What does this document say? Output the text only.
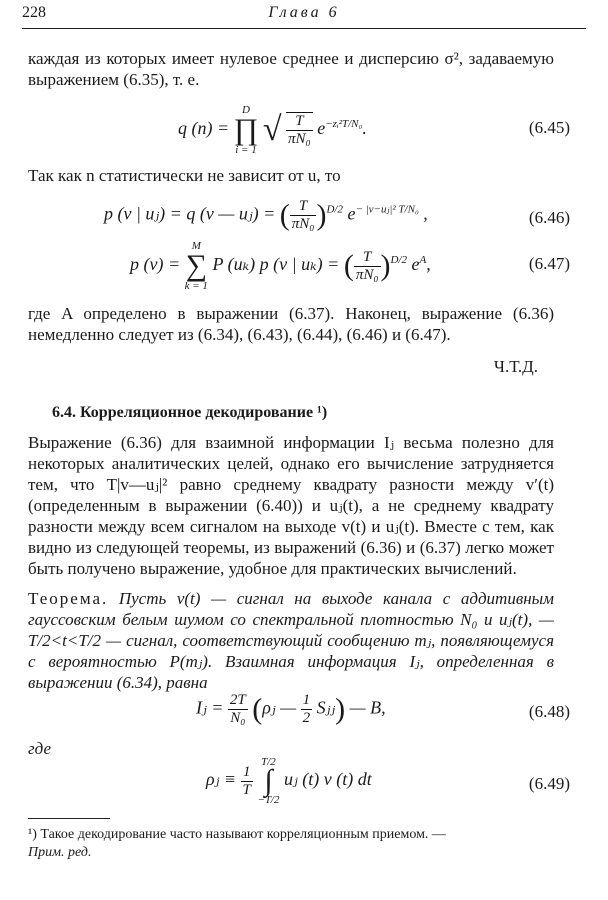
228	Глава 6

каждая из которых имеет нулевое среднее и дисперсию σ², задаваемую выражением (6.35), т. е.

q (n) =
D
∏
i = 1
√ $\frac{T}{\text{πN₀}} e^{-zᵢ^2T/N_0}$.	(6.45)

Так как n статистически не зависит от u, то

p (v | uⱼ) = q (v — uⱼ) = ( $\frac{T}{\text{πN₀}} )^{D/2}$ $e^{- |v-uⱼ|^2 T/N_0}$ ,	(6.46)
p (v) =
M
∑
k = 1
P (uₖ) p (v | uₖ) = ( $\frac{T}{\text{πN₀}} )^{D/2}$ $e^A$,	(6.47)

где A определено в выражении (6.37). Наконец, выражение (6.36) немедленно следует из (6.34), (6.43), (6.44), (6.46) и (6.47).

Ч.Т.Д.
6.4. Корреляционное декодирование ¹)

Выражение (6.36) для взаимной информации Iⱼ весьма полезно для некоторых аналитических целей, однако его вычисление затрудняется тем, что T|v—uⱼ|² равно среднему квадрату разности между v′(t) (определенным в выражении (6.40)) и uⱼ(t), а не среднему квадрату разности между всем сигналом на выходе v(t) и uⱼ(t). Вместе с тем, как видно из следующей теоремы, из выражений (6.36) и (6.37) легко может быть получено выражение, удобное для практических вычислений.

Теорема. Пусть v(t) — сигнал на выходе канала с аддитивным гауссовским белым шумом со спектральной плотностью N₀ и uⱼ(t), — T/2<t<T/2 — сигнал, соответствующий сообщению mⱼ, появляющемуся с вероятностью P(mⱼ). Взаимная информация Iⱼ, определенная в выражении (6.34), равна

Iⱼ = $\frac{2T}{\text{N₀}}$ (ρⱼ — $\frac{1}{2}$ Sⱼⱼ) — B,	(6.48)

где

ρⱼ ≡ $\frac{1}{T}$

T/2
∫
−T/2
uⱼ (t) v (t) dt	(6.49)
¹) Такое декодирование часто называют корреляционным приемом. —
Прим. ред.
